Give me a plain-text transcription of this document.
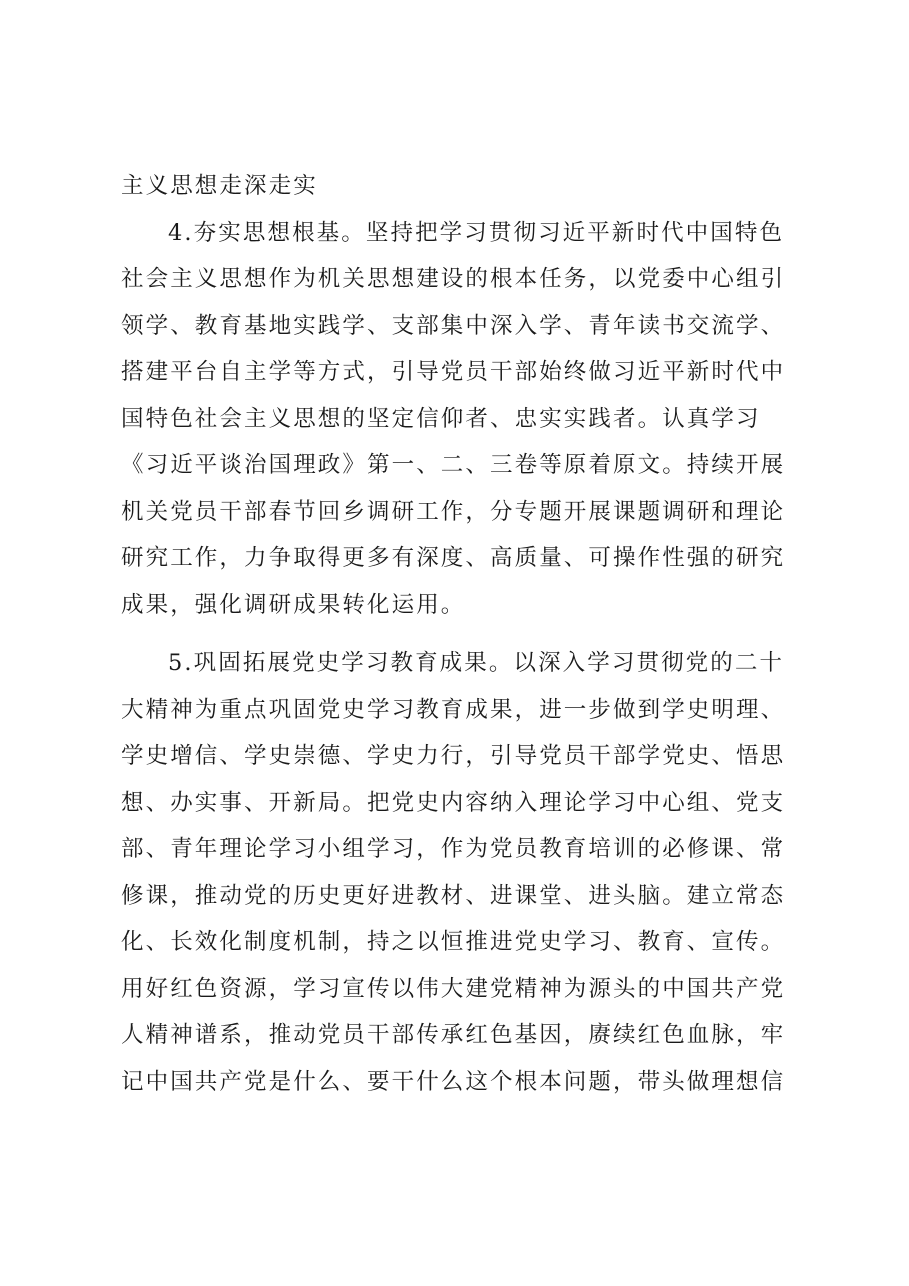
主义思想走深走实
4.夯实思想根基。坚持把学习贯彻习近平新时代中国特色
社会主义思想作为机关思想建设的根本任务，以党委中心组引
领学、教育基地实践学、支部集中深入学、青年读书交流学、
搭建平台自主学等方式，引导党员干部始终做习近平新时代中
国特色社会主义思想的坚定信仰者、忠实实践者。认真学习
《习近平谈治国理政》第一、二、三卷等原着原文。持续开展
机关党员干部春节回乡调研工作，分专题开展课题调研和理论
研究工作，力争取得更多有深度、高质量、可操作性强的研究
成果，强化调研成果转化运用。
5.巩固拓展党史学习教育成果。以深入学习贯彻党的二十
大精神为重点巩固党史学习教育成果，进一步做到学史明理、
学史增信、学史崇德、学史力行，引导党员干部学党史、悟思
想、办实事、开新局。把党史内容纳入理论学习中心组、党支
部、青年理论学习小组学习，作为党员教育培训的必修课、常
修课，推动党的历史更好进教材、进课堂、进头脑。建立常态
化、长效化制度机制，持之以恒推进党史学习、教育、宣传。
用好红色资源，学习宣传以伟大建党精神为源头的中国共产党
人精神谱系，推动党员干部传承红色基因，赓续红色血脉，牢
记中国共产党是什么、要干什么这个根本问题，带头做理想信
